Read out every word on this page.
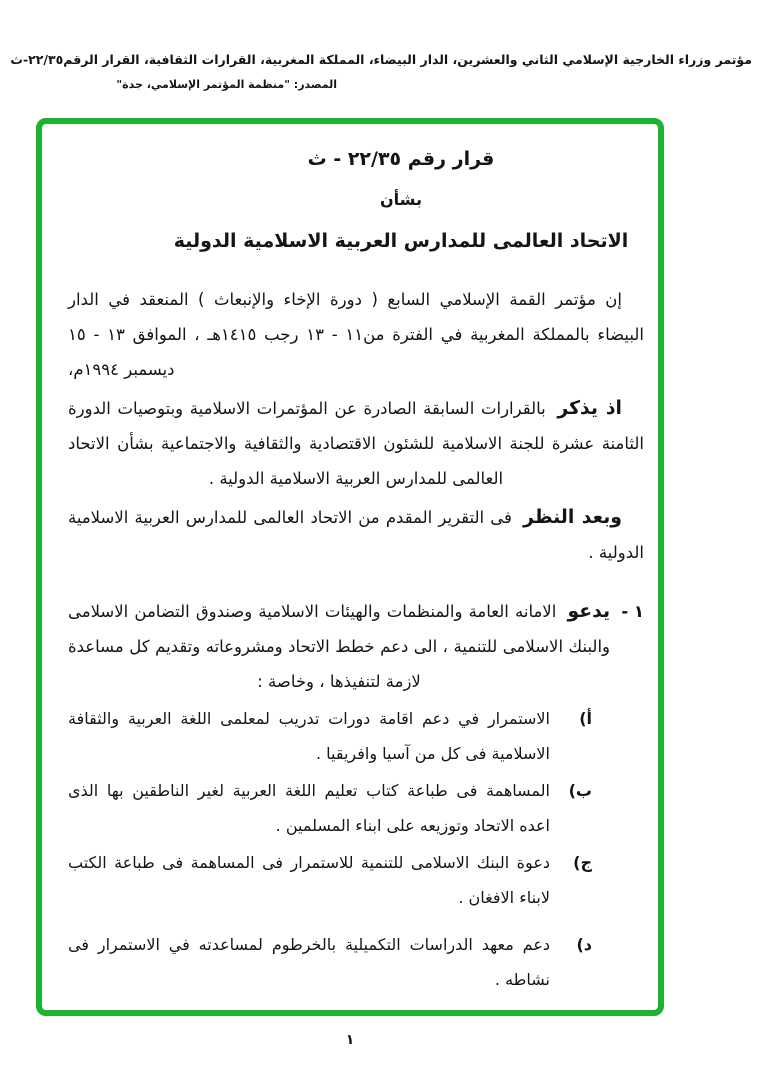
مؤتمر وزراء الخارجية الإسلامي الثاني والعشرين، الدار البيضاء، المملكة المغربية، القرارات الثقافية، القرار الرقم٢٢/٣٥-ث
المصدر: "منظمة المؤتمر الإسلامي، جدة"
قرار رقم ٢٢/٣٥ - ث
بشأن
الاتحاد العالمى للمدارس العربية الاسلامية الدولية

إن مؤتمر القمة الإسلامي السابع ( دورة الإخاء والإنبعاث ) المنعقد في الدار البيضاء بالمملكة المغربية في الفترة من١١ - ١٣ رجب ١٤١٥هـ ، الموافق ١٣ - ١٥ ديسمبر ١٩٩٤م،

اذ يذكر بالقرارات السابقة الصادرة عن المؤتمرات الاسلامية وبتوصيات الدورة الثامنة عشرة للجنة الاسلامية للشئون الاقتصادية والثقافية والاجتماعية بشأن الاتحاد العالمى للمدارس العربية الاسلامية الدولية .

وبعد النظر فى التقرير المقدم من الاتحاد العالمى للمدارس العربية الاسلامية الدولية .

١ -
يدعو الامانه العامة والمنظمات والهيئات الاسلامية وصندوق التضامن الاسلامى والبنك الاسلامى للتنمية ، الى دعم خطط الاتحاد ومشروعاته وتقديم كل مساعدة لازمة لتنفيذها ، وخاصة :
أ)
الاستمرار في دعم اقامة دورات تدريب لمعلمى اللغة العربية والثقافة الاسلامية فى كل من آسيا وافريقيا .
ب)
المساهمة فى طباعة كتاب تعليم اللغة العربية لغير الناطقين بها الذى اعده الاتحاد وتوزيعه على ابناء المسلمين .
ج)
دعوة البنك الاسلامى للتنمية للاستمرار فى المساهمة فى طباعة الكتب لابناء الافغان .
د)
دعم معهد الدراسات التكميلية بالخرطوم لمساعدته في الاستمرار فى نشاطه .
١
